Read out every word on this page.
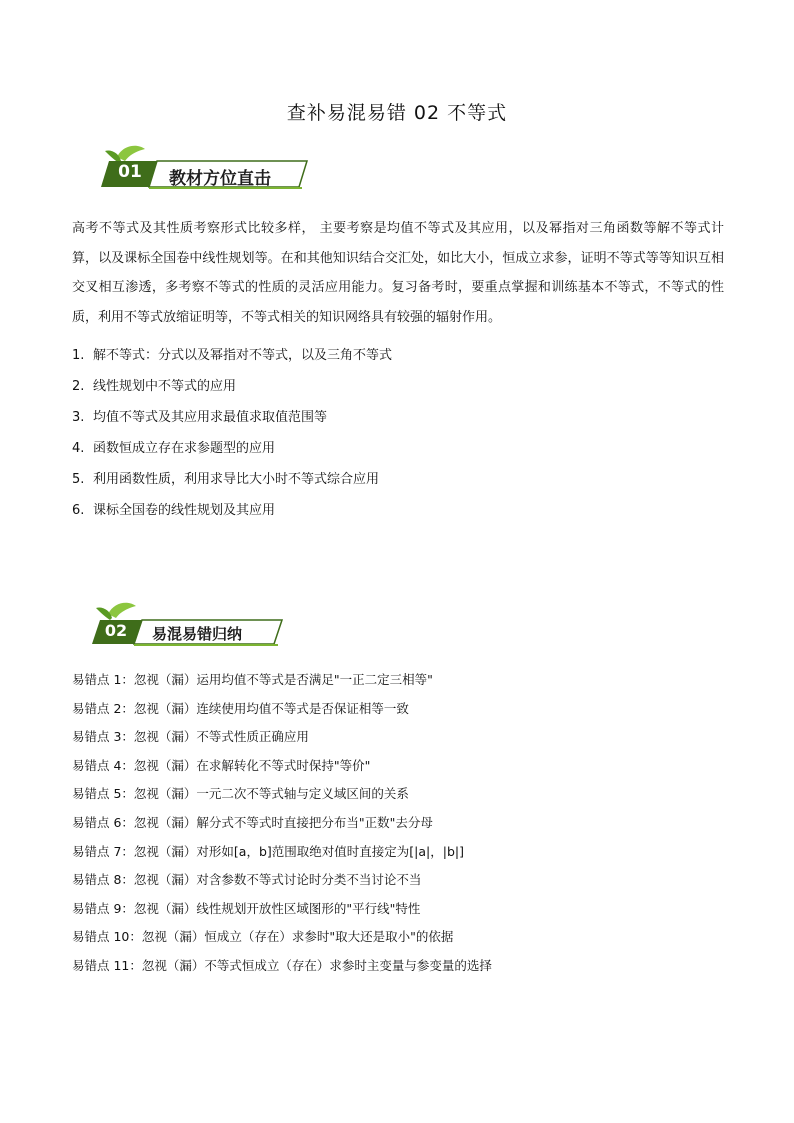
查补易混易错 02 不等式
01	教材方位直击
高考不等式及其性质考察形式比较多样， 主要考察是均值不等式及其应用，以及幂指对三角函数等解不等式计算，以及课标全国卷中线性规划等。在和其他知识结合交汇处，如比大小，恒成立求参，证明不等式等等知识互相交叉相互渗透，多考察不等式的性质的灵活应用能力。复习备考时，要重点掌握和训练基本不等式，不等式的性质，利用不等式放缩证明等，不等式相关的知识网络具有较强的辐射作用。
1. 解不等式：分式以及幂指对不等式，以及三角不等式
2. 线性规划中不等式的应用
3. 均值不等式及其应用求最值求取值范围等
4. 函数恒成立存在求参题型的应用
5. 利用函数性质，利用求导比大小时不等式综合应用
6. 课标全国卷的线性规划及其应用
02	易混易错归纳
易错点 1：忽视（漏）运用均值不等式是否满足"一正二定三相等"
易错点 2：忽视（漏）连续使用均值不等式是否保证相等一致
易错点 3：忽视（漏）不等式性质正确应用
易错点 4：忽视（漏）在求解转化不等式时保持"等价"
易错点 5：忽视（漏）一元二次不等式轴与定义域区间的关系
易错点 6：忽视（漏）解分式不等式时直接把分布当"正数"去分母
易错点 7：忽视（漏）对形如[a，b]范围取绝对值时直接定为[|a|，|b|]
易错点 8：忽视（漏）对含参数不等式讨论时分类不当讨论不当
易错点 9：忽视（漏）线性规划开放性区域图形的"平行线"特性
易错点 10：忽视（漏）恒成立（存在）求参时"取大还是取小"的依据
易错点 11：忽视（漏）不等式恒成立（存在）求参时主变量与参变量的选择
